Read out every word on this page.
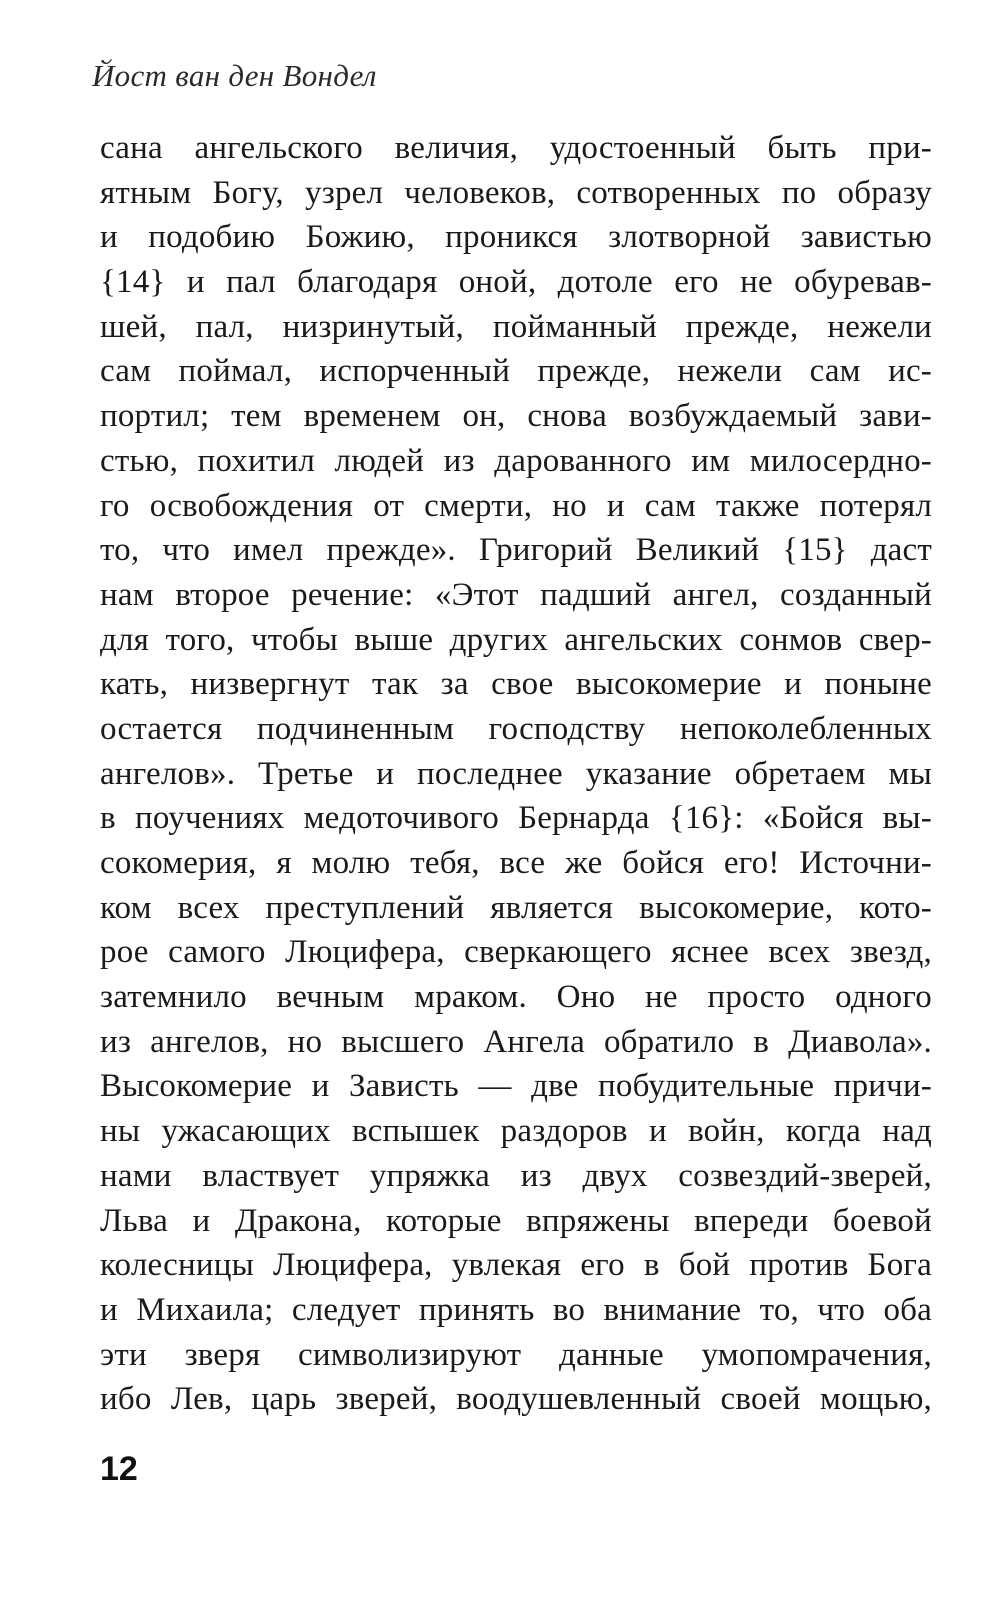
Йост ван ден Вондел
сана ангельского величия, удостоенный быть при-
ятным Богу, узрел человеков, сотворенных по образу
и подобию Божию, проникся злотворной завистью
{14} и пал благодаря оной, дотоле его не обуревав-
шей, пал, низринутый, пойманный прежде, нежели
сам поймал, испорченный прежде, нежели сам ис-
портил; тем временем он, снова возбуждаемый зави-
стью, похитил людей из дарованного им милосердно-
го освобождения от смерти, но и сам также потерял
то, что имел прежде». Григорий Великий {15} даст
нам второе речение: «Этот падший ангел, созданный
для того, чтобы выше других ангельских сонмов свер-
кать, низвергнут так за свое высокомерие и поныне
остается подчиненным господству непоколебленных
ангелов». Третье и последнее указание обретаем мы
в поучениях медоточивого Бернарда {16}: «Бойся вы-
сокомерия, я молю тебя, все же бойся его! Источни-
ком всех преступлений является высокомерие, кото-
рое самого Люцифера, сверкающего яснее всех звезд,
затемнило вечным мраком. Оно не просто одного
из ангелов, но высшего Ангела обратило в Диавола».
Высокомерие и Зависть — две побудительные причи-
ны ужасающих вспышек раздоров и войн, когда над
нами властвует упряжка из двух созвездий-зверей,
Льва и Дракона, которые впряжены впереди боевой
колесницы Люцифера, увлекая его в бой против Бога
и Михаила; следует принять во внимание то, что оба
эти зверя символизируют данные умопомрачения,
ибо Лев, царь зверей, воодушевленный своей мощью,
12
